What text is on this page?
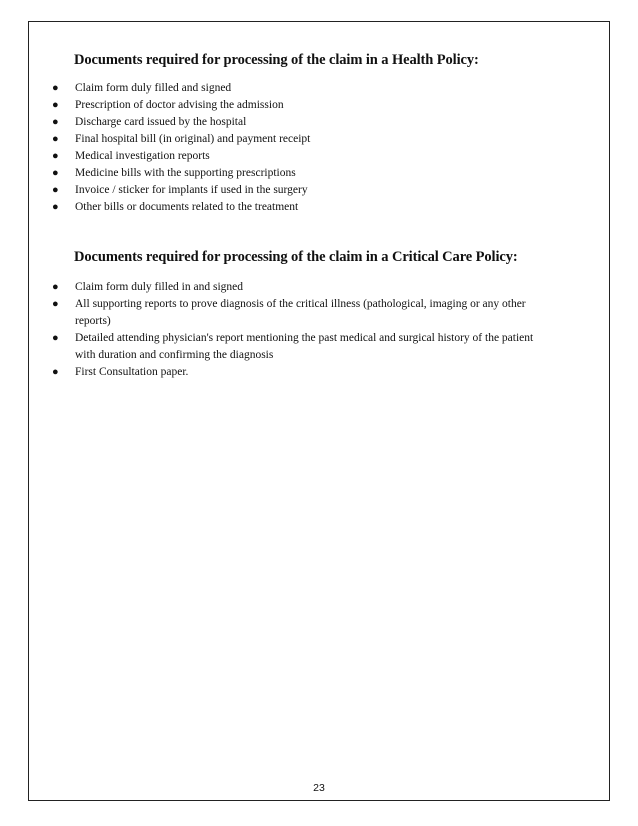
Documents required for processing of the claim in a Health Policy:
● Claim form duly filled and signed
● Prescription of doctor advising the admission
● Discharge card issued by the hospital
● Final hospital bill (in original) and payment receipt
● Medical investigation reports
● Medicine bills with the supporting prescriptions
● Invoice / sticker for implants if used in the surgery
● Other bills or documents related to the treatment
Documents required for processing of the claim in a Critical Care Policy:
● Claim form duly filled in and signed
● All supporting reports to prove diagnosis of the critical illness (pathological, imaging or any other reports)
● Detailed attending physician's report mentioning the past medical and surgical history of the patient with duration and confirming the diagnosis
● First Consultation paper.
23
